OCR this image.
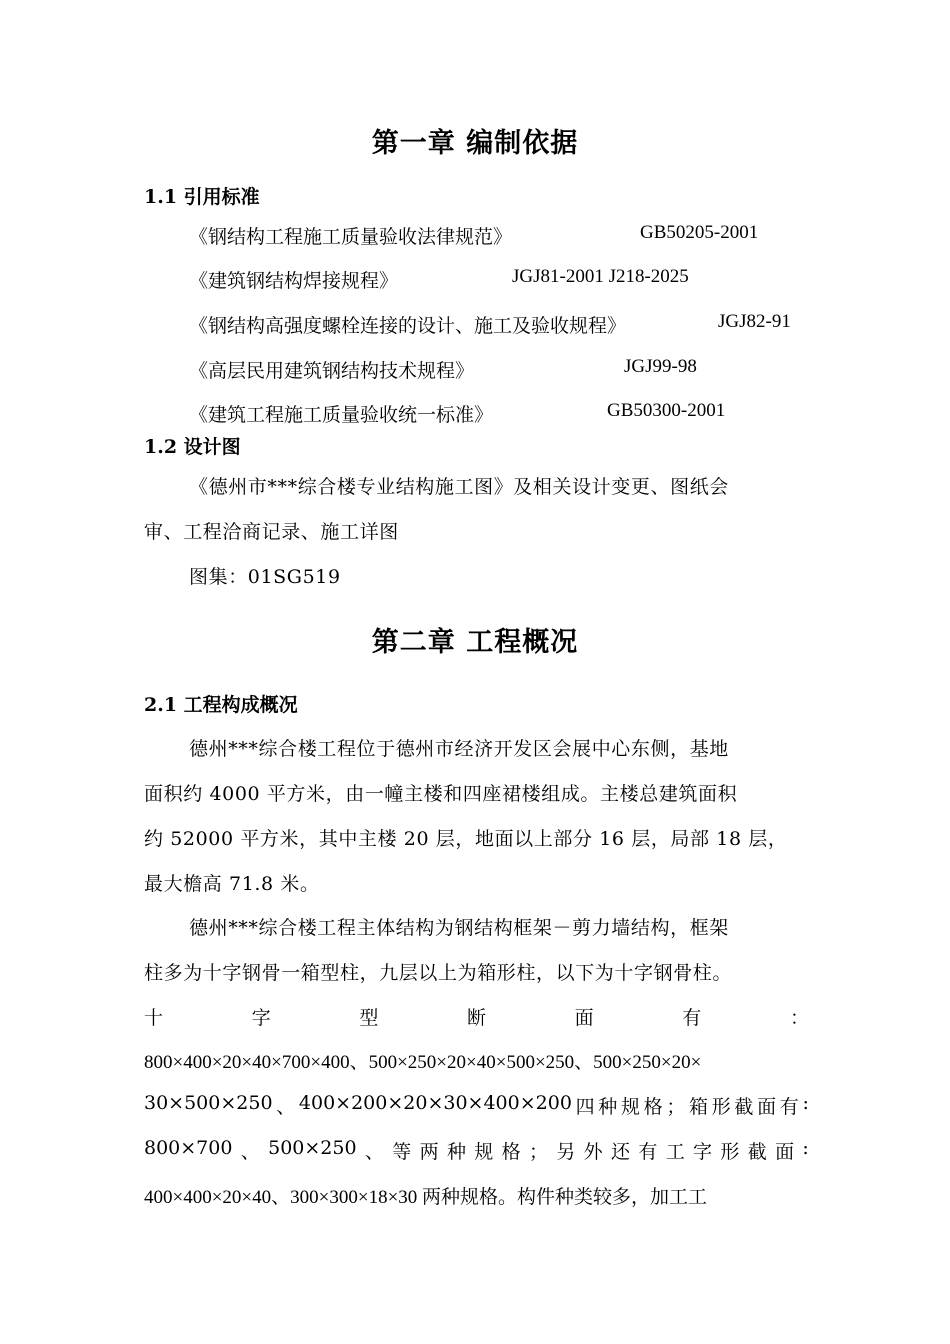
第一章 编制依据
1.1 引用标准
《钢结构工程施工质量验收法律规范》	GB50205-2001
《建筑钢结构焊接规程》	JGJ81-2001 J218-2025
《钢结构高强度螺栓连接的设计、施工及验收规程》	JGJ82-91
《高层民用建筑钢结构技术规程》	JGJ99-98
《建筑工程施工质量验收统一标准》	GB50300-2001
1.2 设计图
《德州市***综合楼专业结构施工图》及相关设计变更、图纸会
审、工程洽商记录、施工详图
图集：01SG519
第二章 工程概况
2.1 工程构成概况
德州***综合楼工程位于德州市经济开发区会展中心东侧，基地
面积约 4000 平方米，由一幢主楼和四座裙楼组成。主楼总建筑面积
约 52000 平方米，其中主楼 20 层，地面以上部分 16 层，局部 18 层，
最大檐高 71.8 米。
德州***综合楼工程主体结构为钢结构框架－剪力墙结构，框架
柱多为十字钢骨一箱型柱，九层以上为箱形柱，以下为十字钢骨柱。
十	字	型	断	面	有	：
800×400×20×40×700×400、500×250×20×40×500×250、500×250×20×
30×500×250 、 400×200×20×30×400×200 四 种 规 格 ； 箱 形 截 面 有 :
800×700 、 500×250 、 等 两 种 规 格 ； 另 外 还 有 工 字 形 截 面 :
400×400×20×40、300×300×18×30 两种规格。构件种类较多，加工工
